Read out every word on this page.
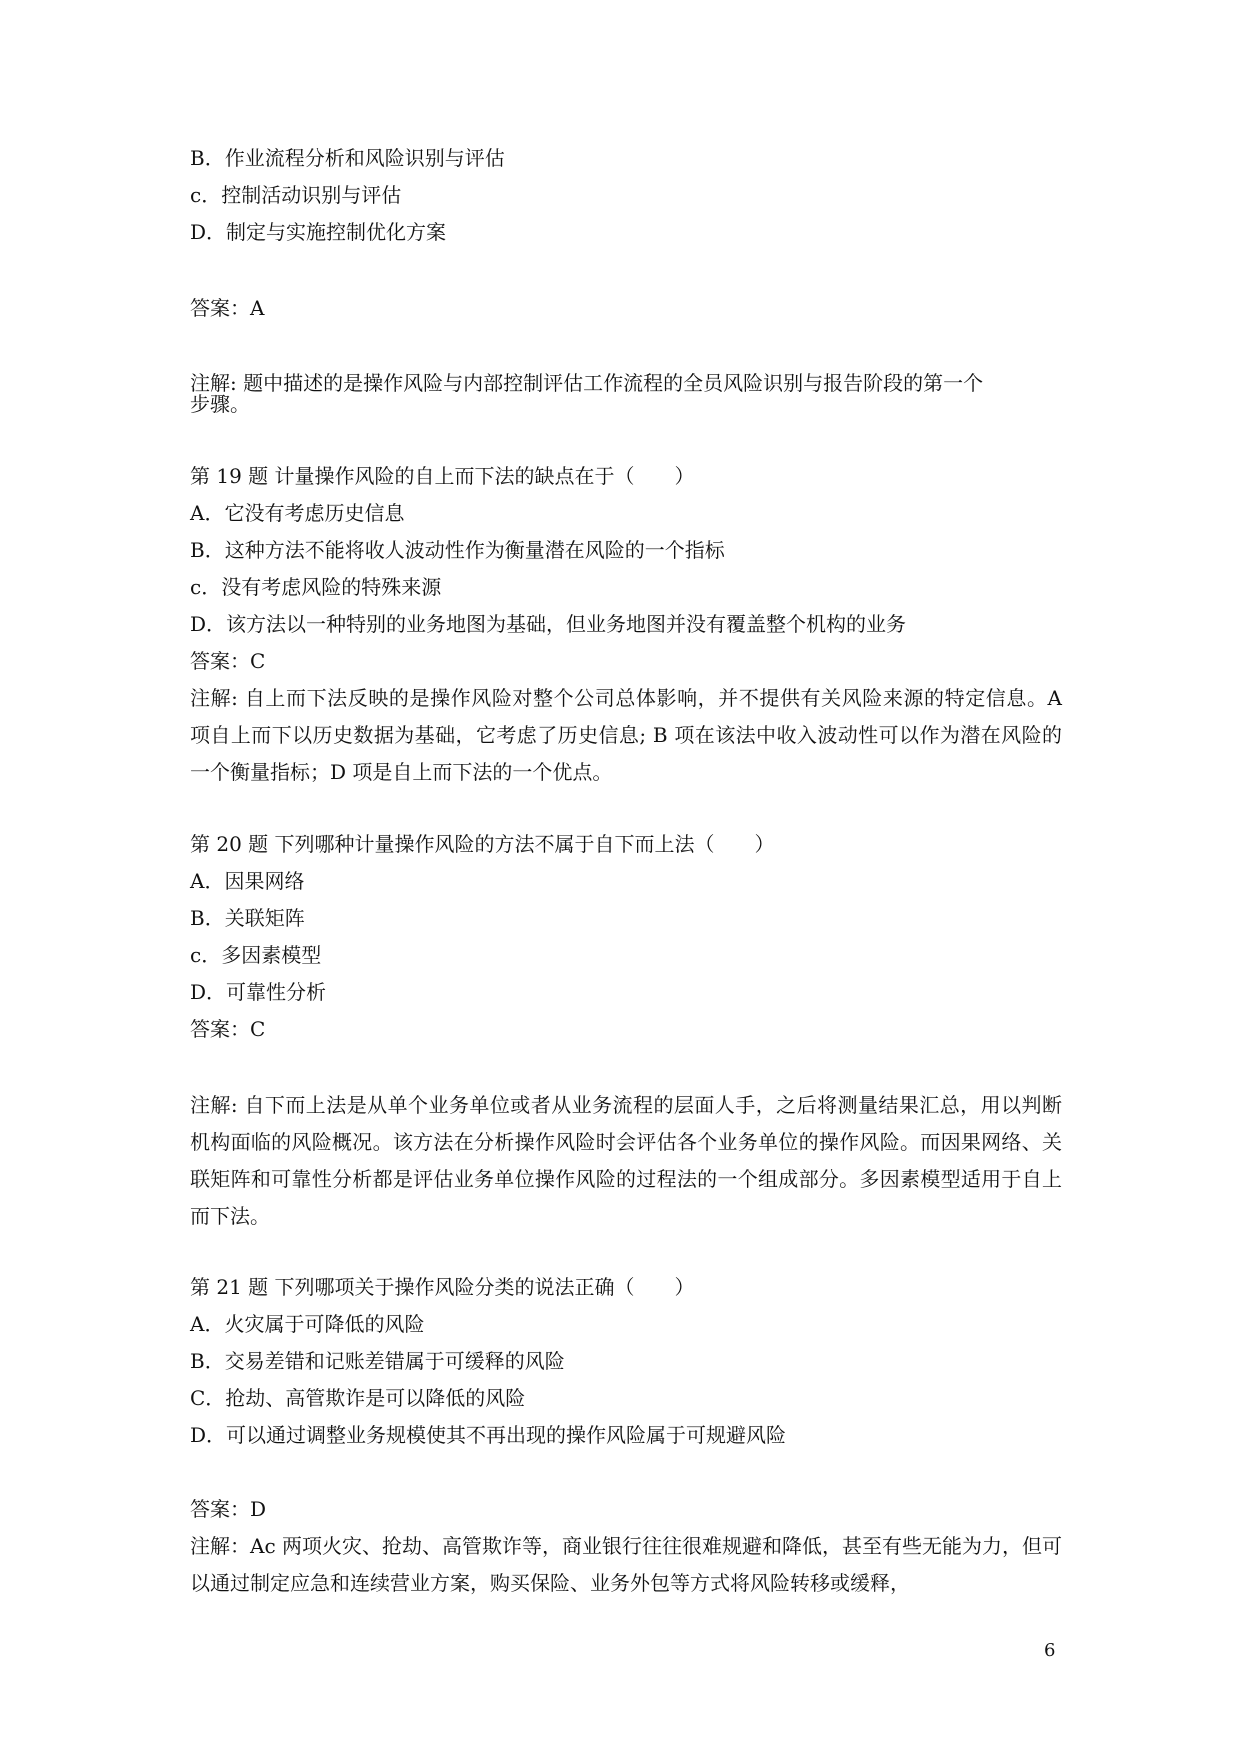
B．作业流程分析和风险识别与评估
c．控制活动识别与评估
D．制定与实施控制优化方案
答案：A
注解: 题中描述的是操作风险与内部控制评估工作流程的全员风险识别与报告阶段的第一个
步骤。
第 19 题 计量操作风险的自上而下法的缺点在于（　　）
A．它没有考虑历史信息
B．这种方法不能将收人波动性作为衡量潜在风险的一个指标
c．没有考虑风险的特殊来源
D．该方法以一种特别的业务地图为基础，但业务地图并没有覆盖整个机构的业务
答案：C
注解: 自上而下法反映的是操作风险对整个公司总体影响，并不提供有关风险来源的特定信息。A 项自上而下以历史数据为基础，它考虑了历史信息; B 项在该法中收入波动性可以作为潜在风险的一个衡量指标；D 项是自上而下法的一个优点。
第 20 题 下列哪种计量操作风险的方法不属于自下而上法（　　）
A．因果网络
B．关联矩阵
c．多因素模型
D．可靠性分析
答案：C
注解: 自下而上法是从单个业务单位或者从业务流程的层面人手，之后将测量结果汇总，用以判断机构面临的风险概况。该方法在分析操作风险时会评估各个业务单位的操作风险。而因果网络、关联矩阵和可靠性分析都是评估业务单位操作风险的过程法的一个组成部分。多因素模型适用于自上而下法。
第 21 题 下列哪项关于操作风险分类的说法正确（　　）
A．火灾属于可降低的风险
B．交易差错和记账差错属于可缓释的风险
C．抢劫、高管欺诈是可以降低的风险
D．可以通过调整业务规模使其不再出现的操作风险属于可规避风险
答案：D
注解：Ac 两项火灾、抢劫、高管欺诈等，商业银行往往很难规避和降低，甚至有些无能为力，但可以通过制定应急和连续营业方案，购买保险、业务外包等方式将风险转移或缓释，
6
